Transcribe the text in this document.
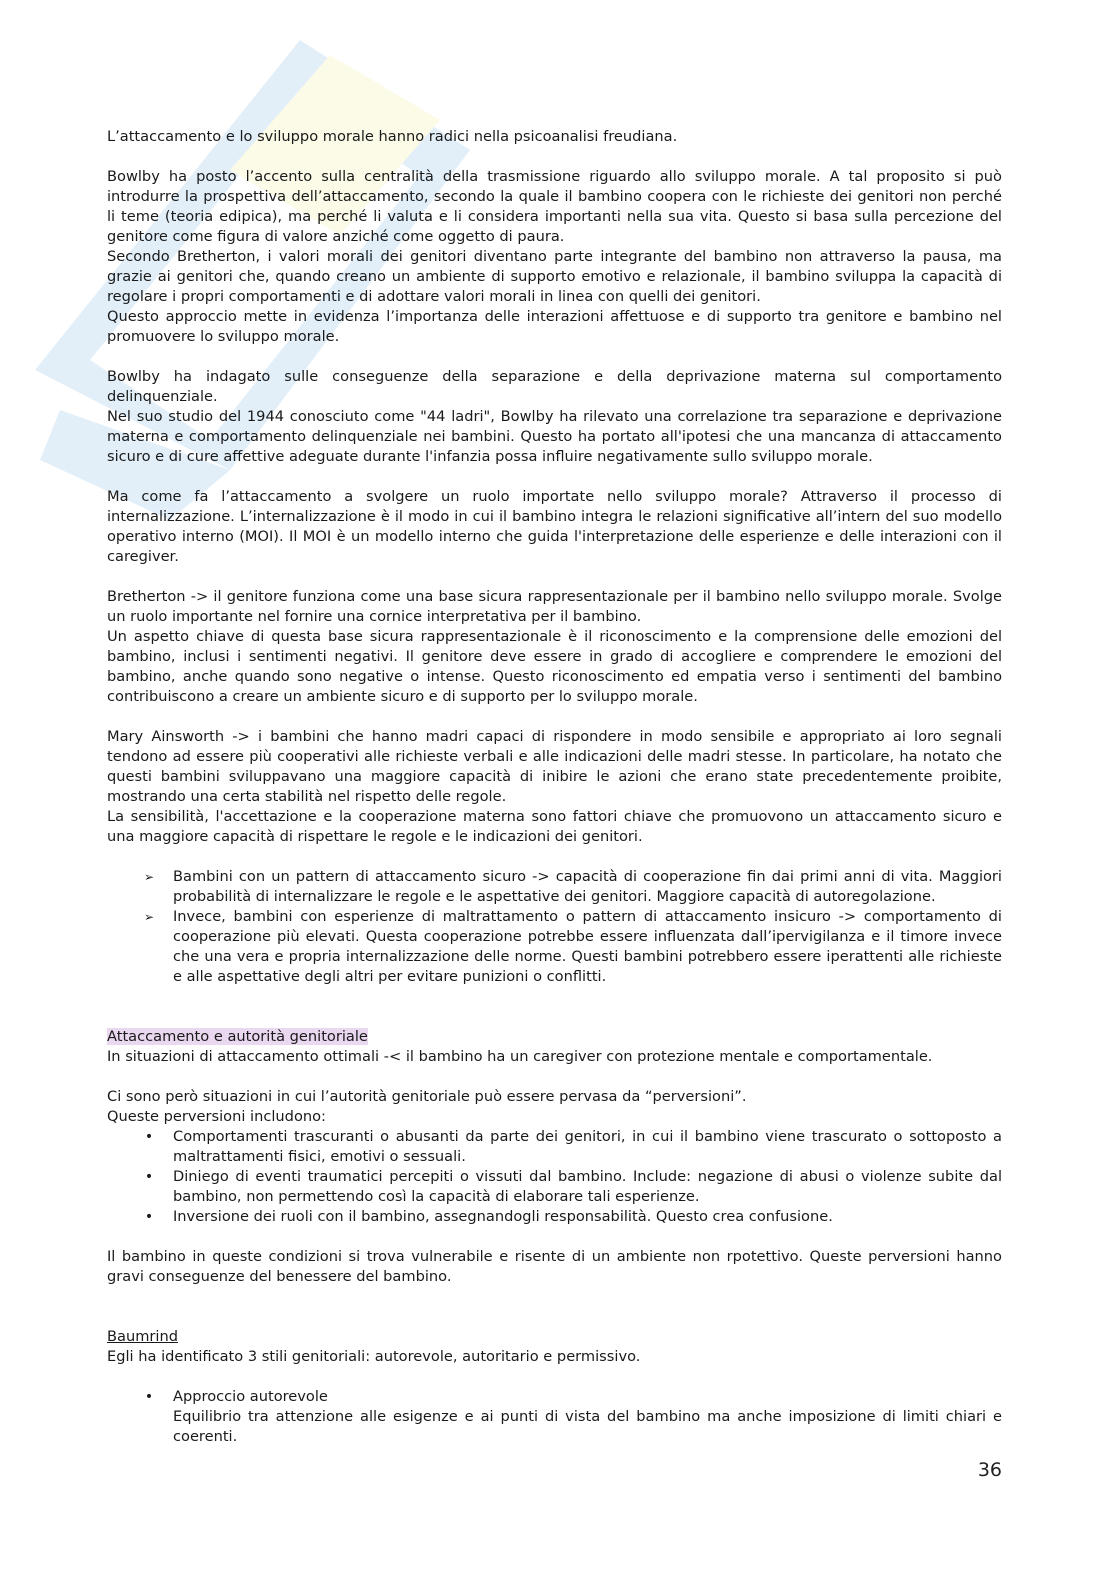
L’attaccamento e lo sviluppo morale hanno radici nella psicoanalisi freudiana.

Bowlby ha posto l’accento sulla centralità della trasmissione riguardo allo sviluppo morale. A tal proposito si può introdurre la prospettiva dell’attaccamento, secondo la quale il bambino coopera con le richieste dei genitori non perché li teme (teoria edipica), ma perché li valuta e li considera importanti nella sua vita. Questo si basa sulla percezione del genitore come figura di valore anziché come oggetto di paura.

Secondo Bretherton, i valori morali dei genitori diventano parte integrante del bambino non attraverso la pausa, ma grazie ai genitori che, quando creano un ambiente di supporto emotivo e relazionale, il bambino sviluppa la capacità di regolare i propri comportamenti e di adottare valori morali in linea con quelli dei genitori.

Questo approccio mette in evidenza l’importanza delle interazioni affettuose e di supporto tra genitore e bambino nel promuovere lo sviluppo morale.

Bowlby ha indagato sulle conseguenze della separazione e della deprivazione materna sul comportamento delinquenziale.

Nel suo studio del 1944 conosciuto come "44 ladri", Bowlby ha rilevato una correlazione tra separazione e deprivazione materna e comportamento delinquenziale nei bambini. Questo ha portato all'ipotesi che una mancanza di attaccamento sicuro e di cure affettive adeguate durante l'infanzia possa influire negativamente sullo sviluppo morale.

Ma come fa l’attaccamento a svolgere un ruolo importate nello sviluppo morale? Attraverso il processo di internalizzazione. L’internalizzazione è il modo in cui il bambino integra le relazioni significative all’intern del suo modello operativo interno (MOI). Il MOI è un modello interno che guida l'interpretazione delle esperienze e delle interazioni con il caregiver.

Bretherton -> il genitore funziona come una base sicura rappresentazionale per il bambino nello sviluppo morale. Svolge un ruolo importante nel fornire una cornice interpretativa per il bambino.

Un aspetto chiave di questa base sicura rappresentazionale è il riconoscimento e la comprensione delle emozioni del bambino, inclusi i sentimenti negativi. Il genitore deve essere in grado di accogliere e comprendere le emozioni del bambino, anche quando sono negative o intense. Questo riconoscimento ed empatia verso i sentimenti del bambino contribuiscono a creare un ambiente sicuro e di supporto per lo sviluppo morale.

Mary Ainsworth -> i bambini che hanno madri capaci di rispondere in modo sensibile e appropriato ai loro segnali tendono ad essere più cooperativi alle richieste verbali e alle indicazioni delle madri stesse. In particolare, ha notato che questi bambini sviluppavano una maggiore capacità di inibire le azioni che erano state precedentemente proibite, mostrando una certa stabilità nel rispetto delle regole.

La sensibilità, l'accettazione e la cooperazione materna sono fattori chiave che promuovono un attaccamento sicuro e una maggiore capacità di rispettare le regole e le indicazioni dei genitori.

➢	Bambini con un pattern di attaccamento sicuro -> capacità di cooperazione fin dai primi anni di vita. Maggiori probabilità di internalizzare le regole e le aspettative dei genitori. Maggiore capacità di autoregolazione.
➢	Invece, bambini con esperienze di maltrattamento o pattern di attaccamento insicuro -> comportamento di cooperazione più elevati. Questa cooperazione potrebbe essere influenzata dall’ipervigilanza e il timore invece che una vera e propria internalizzazione delle norme. Questi bambini potrebbero essere iperattenti alle richieste e alle aspettative degli altri per evitare punizioni o conflitti.

Attaccamento e autorità genitoriale

In situazioni di attaccamento ottimali -< il bambino ha un caregiver con protezione mentale e comportamentale.

Ci sono però situazioni in cui l’autorità genitoriale può essere pervasa da “perversioni”.

Queste perversioni includono:

•	Comportamenti trascuranti o abusanti da parte dei genitori, in cui il bambino viene trascurato o sottoposto a maltrattamenti fisici, emotivi o sessuali.
•	Diniego di eventi traumatici percepiti o vissuti dal bambino. Include: negazione di abusi o violenze subite dal bambino, non permettendo così la capacità di elaborare tali esperienze.
•	Inversione dei ruoli con il bambino, assegnandogli responsabilità. Questo crea confusione.

Il bambino in queste condizioni si trova vulnerabile e risente di un ambiente non rpotettivo. Queste perversioni hanno gravi conseguenze del benessere del bambino.

Baumrind

Egli ha identificato 3 stili genitoriali: autorevole, autoritario e permissivo.

•	Approccio autorevole
Equilibrio tra attenzione alle esigenze e ai punti di vista del bambino ma anche imposizione di limiti chiari e coerenti.
36
